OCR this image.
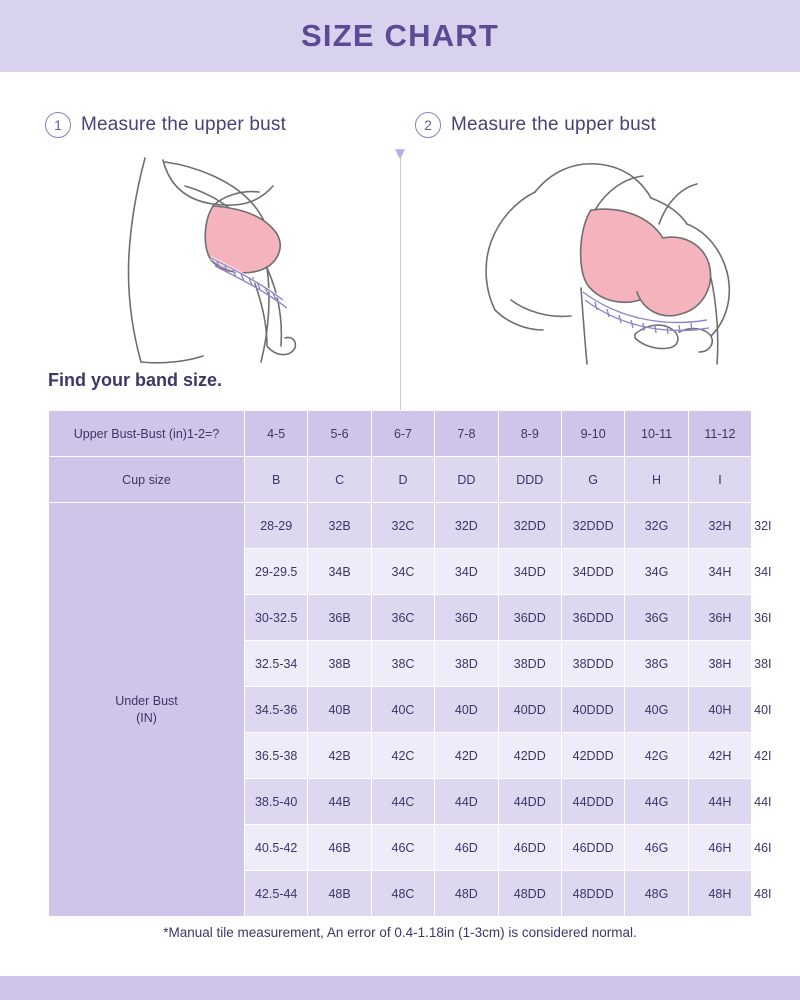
SIZE CHART
▼
1	Measure the upper bust	2	Measure the upper bust
Find your band size.
Upper Bust-Bust (in)1-2=?	4-5	5-6	6-7	7-8	8-9	9-10	10-11	11-12	
Cup size	B	C	D	DD	DDD	G	H	I	
Under Bust
(IN)	28-29	32B	32C	32D	32DD	32DDD	32G	32H	32I
	29-29.5	34B	34C	34D	34DD	34DDD	34G	34H	34I
	30-32.5	36B	36C	36D	36DD	36DDD	36G	36H	36I
	32.5-34	38B	38C	38D	38DD	38DDD	38G	38H	38I
	34.5-36	40B	40C	40D	40DD	40DDD	40G	40H	40I
	36.5-38	42B	42C	42D	42DD	42DDD	42G	42H	42I
	38.5-40	44B	44C	44D	44DD	44DDD	44G	44H	44I
	40.5-42	46B	46C	46D	46DD	46DDD	46G	46H	46I
	42.5-44	48B	48C	48D	48DD	48DDD	48G	48H	48I
*Manual tile measurement, An error of 0.4-1.18in (1-3cm) is considered normal.
